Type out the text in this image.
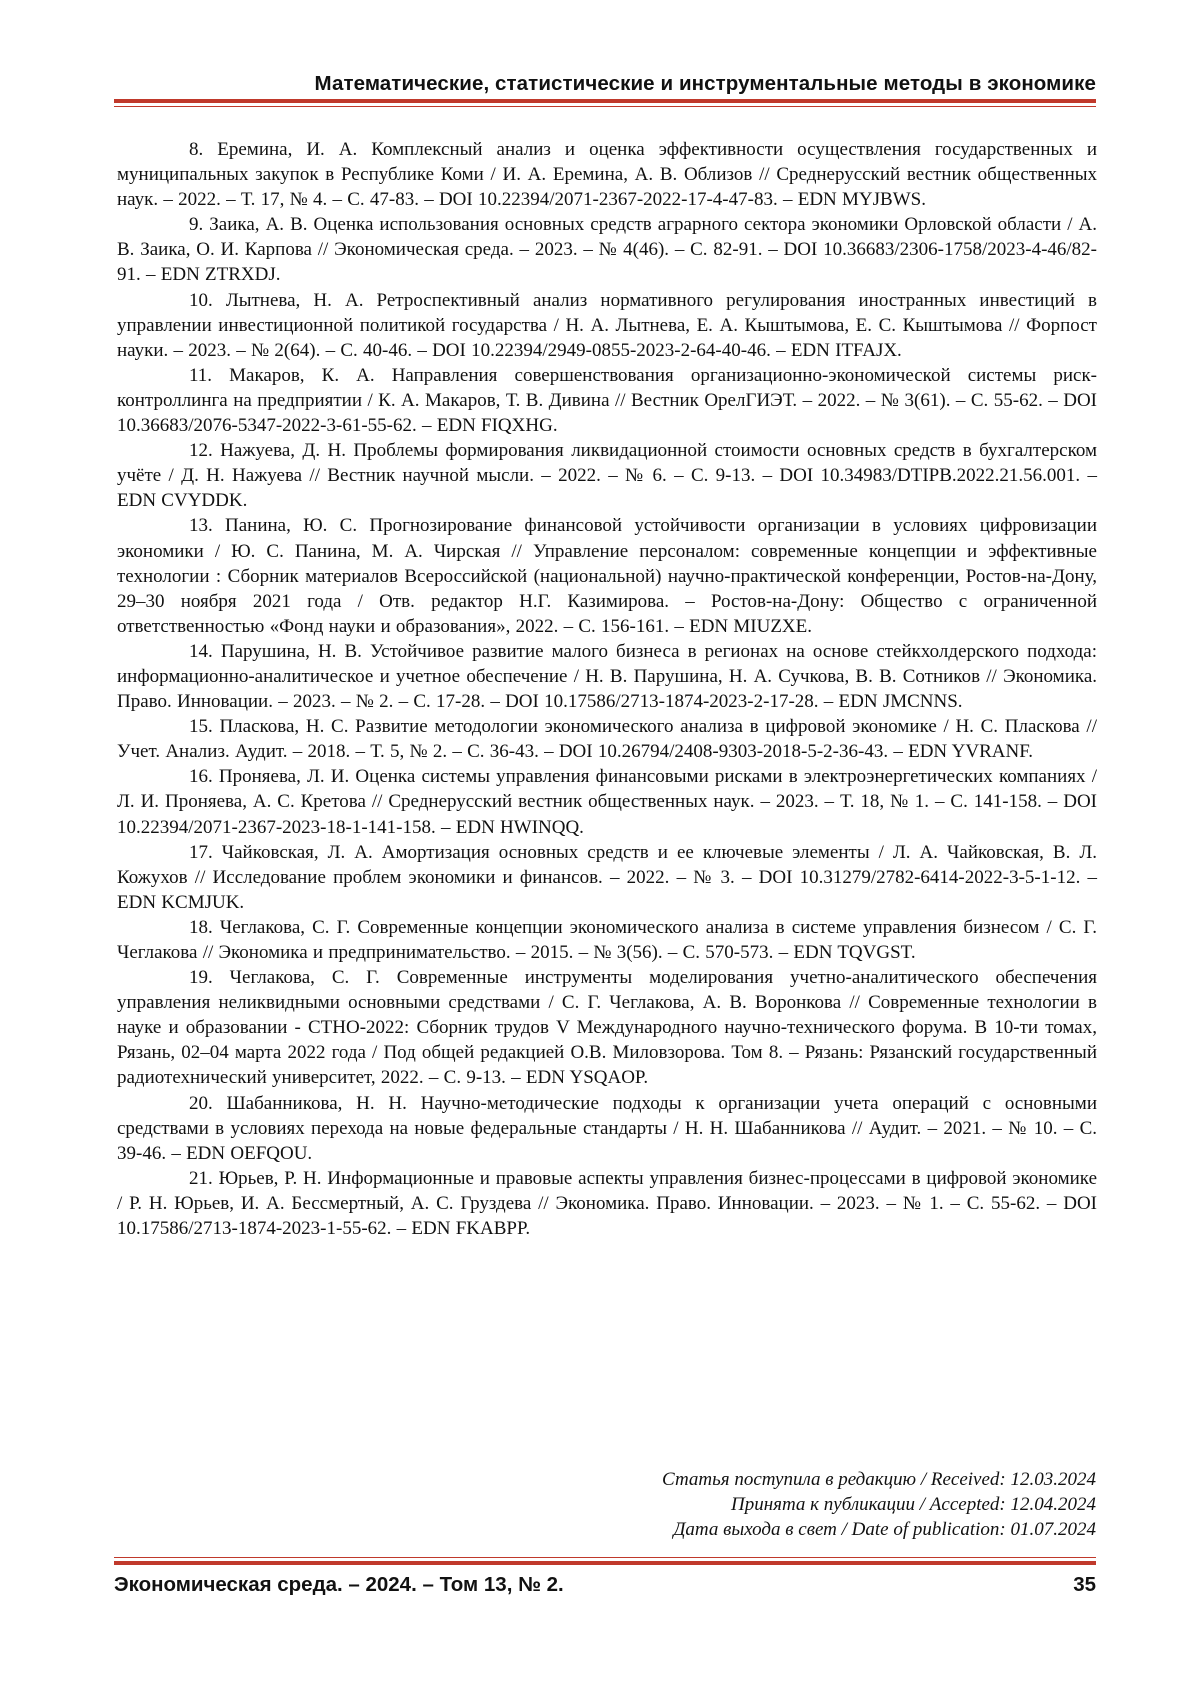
Математические, статистические и инструментальные методы в экономике

8. Еремина, И. А. Комплексный анализ и оценка эффективности осуществления государственных и муниципальных закупок в Республике Коми / И. А. Еремина, А. В. Облизов // Среднерусский вестник общественных наук. – 2022. – Т. 17, № 4. – С. 47-83. – DOI 10.22394/2071-2367-2022-17-4-47-83. – EDN MYJBWS.

9. Заика, А. В. Оценка использования основных средств аграрного сектора экономики Орловской области / А. В. Заика, О. И. Карпова // Экономическая среда. – 2023. – № 4(46). – С. 82-91. – DOI 10.36683/2306-1758/2023-4-46/82-91. – EDN ZTRXDJ.

10. Лытнева, Н. А. Ретроспективный анализ нормативного регулирования иностранных инвестиций в управлении инвестиционной политикой государства / Н. А. Лытнева, Е. А. Кыштымова, Е. С. Кыштымова // Форпост науки. – 2023. – № 2(64). – С. 40-46. – DOI 10.22394/2949-0855-2023-2-64-40-46. – EDN ITFAJX.

11. Макаров, К. А. Направления совершенствования организационно-экономической системы риск-контроллинга на предприятии / К. А. Макаров, Т. В. Дивина // Вестник ОрелГИЭТ. – 2022. – № 3(61). – С. 55-62. – DOI 10.36683/2076-5347-2022-3-61-55-62. – EDN FIQXHG.

12. Нажуева, Д. Н. Проблемы формирования ликвидационной стоимости основных средств в бухгалтерском учёте / Д. Н. Нажуева // Вестник научной мысли. – 2022. – № 6. – С. 9-13. – DOI 10.34983/DTIPB.2022.21.56.001. – EDN CVYDDK.

13. Панина, Ю. С. Прогнозирование финансовой устойчивости организации в условиях цифровизации экономики / Ю. С. Панина, М. А. Чирская // Управление персоналом: современные концепции и эффективные технологии : Сборник материалов Всероссийской (национальной) научно-практической конференции, Ростов-на-Дону, 29–30 ноября 2021 года / Отв. редактор Н.Г. Казимирова. – Ростов-на-Дону: Общество с ограниченной ответственностью «Фонд науки и образования», 2022. – С. 156-161. – EDN MIUZXE.

14. Парушина, Н. В. Устойчивое развитие малого бизнеса в регионах на основе стейкхолдерского подхода: информационно-аналитическое и учетное обеспечение / Н. В. Парушина, Н. А. Сучкова, В. В. Сотников // Экономика. Право. Инновации. – 2023. – № 2. – С. 17-28. – DOI 10.17586/2713-1874-2023-2-17-28. – EDN JMCNNS.

15. Пласкова, Н. С. Развитие методологии экономического анализа в цифровой экономике / Н. С. Пласкова // Учет. Анализ. Аудит. – 2018. – Т. 5, № 2. – С. 36-43. – DOI 10.26794/2408-9303-2018-5-2-36-43. – EDN YVRANF.

16. Проняева, Л. И. Оценка системы управления финансовыми рисками в электроэнергетических компаниях / Л. И. Проняева, А. С. Кретова // Среднерусский вестник общественных наук. – 2023. – Т. 18, № 1. – С. 141-158. – DOI 10.22394/2071-2367-2023-18-1-141-158. – EDN HWINQQ.

17. Чайковская, Л. А. Амортизация основных средств и ее ключевые элементы / Л. А. Чайковская, В. Л. Кожухов // Исследование проблем экономики и финансов. – 2022. – № 3. – DOI 10.31279/2782-6414-2022-3-5-1-12. – EDN KCMJUK.

18. Чеглакова, С. Г. Современные концепции экономического анализа в системе управления бизнесом / С. Г. Чеглакова // Экономика и предпринимательство. – 2015. – № 3(56). – С. 570-573. – EDN TQVGST.

19. Чеглакова, С. Г. Современные инструменты моделирования учетно-аналитического обеспечения управления неликвидными основными средствами / С. Г. Чеглакова, А. В. Воронкова // Современные технологии в науке и образовании - СТНО-2022: Сборник трудов V Международного научно-технического форума. В 10-ти томах, Рязань, 02–04 марта 2022 года / Под общей редакцией О.В. Миловзорова. Том 8. – Рязань: Рязанский государственный радиотехнический университет, 2022. – С. 9-13. – EDN YSQAOP.

20. Шабанникова, Н. Н. Научно-методические подходы к организации учета операций с основными средствами в условиях перехода на новые федеральные стандарты / Н. Н. Шабанникова // Аудит. – 2021. – № 10. – С. 39-46. – EDN OEFQOU.

21. Юрьев, Р. Н. Информационные и правовые аспекты управления бизнес-процессами в цифровой экономике / Р. Н. Юрьев, И. А. Бессмертный, А. С. Груздева // Экономика. Право. Инновации. – 2023. – № 1. – С. 55-62. – DOI 10.17586/2713-1874-2023-1-55-62. – EDN FKABPP.

Статья поступила в редакцию / Received: 12.03.2024
Принята к публикации / Accepted: 12.04.2024
Дата выхода в свет / Date of publication: 01.07.2024
Экономическая среда. – 2024. – Том 13, № 2.	35
